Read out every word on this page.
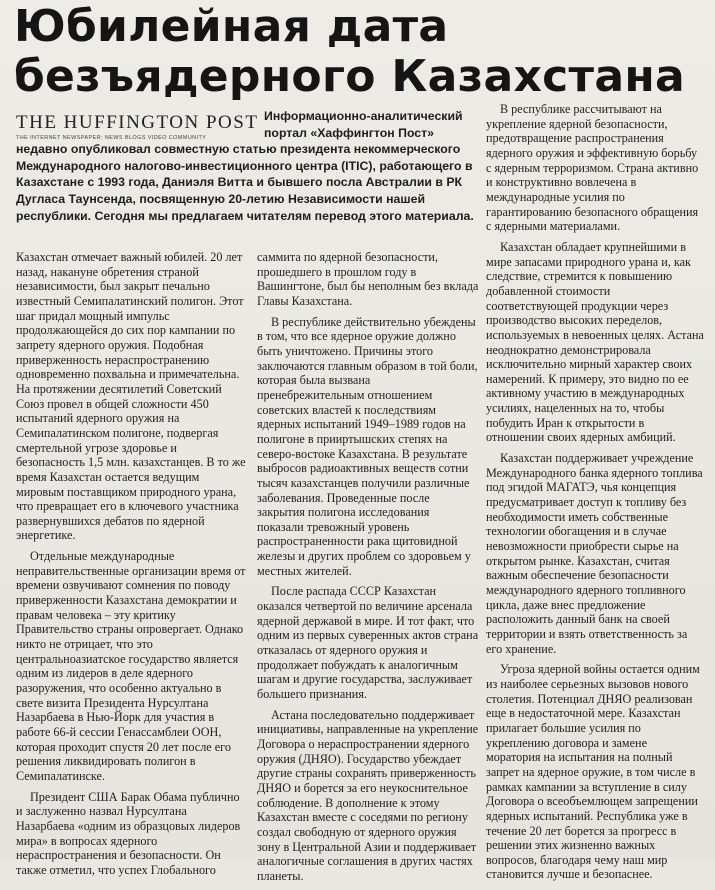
Юбилейная дата
безъядерного Казахстана
THE HUFFINGTON POST
THE INTERNET NEWSPAPER: NEWS BLOGS VIDEO COMMUNITY
Информационно-аналитический портал «Хаффингтон Пост» недавно опубликовал совместную статью президента некоммерческого Международного налогово-инвестиционного центра (ITIC), работающего в Казахстане с 1993 года, Даниэля Витта и бывшего посла Австралии в РК Дугласа Таунсенда, посвященную 20-летию Независимости нашей республики. Сегодня мы предлагаем читателям перевод этого материала.

Казахстан отмечает важный юбилей. 20 лет назад, накануне обретения страной независимости, был закрыт печально известный Семипалатинский полигон. Этот шаг придал мощный импульс продолжающейся до сих пор кампании по запрету ядерного оружия. Подобная приверженность нераспространению одновременно похвальна и примечательна. На протяжении десятилетий Советский Союз провел в общей сложности 450 испытаний ядерного оружия на Семипалатинском полигоне, подвергая смертельной угрозе здоровье и безопасность 1,5 млн. казахстанцев. В то же время Казахстан остается ведущим мировым поставщиком природного урана, что превращает его в ключевого участника развернувшихся дебатов по ядерной энергетике.

Отдельные международные неправительственные организации время от времени озвучивают сомнения по поводу приверженности Казахстана демократии и правам человека – эту критику Правительство страны опровергает. Однако никто не отрицает, что это центральноазиатское государство является одним из лидеров в деле ядерного разоружения, что особенно актуально в свете визита Президента Нурсултана Назарбаева в Нью-Йорк для участия в работе 66-й сессии Генассамблеи ООН, которая проходит спустя 20 лет после его решения ликвидировать полигон в Семипалатинске.

Президент США Барак Обама публично и заслуженно назвал Нурсултана Назарбаева «одним из образцовых лидеров мира» в вопросах ядерного нераспространения и безопасности. Он также отметил, что успех Глобального

саммита по ядерной безопасности, прошедшего в прошлом году в Вашингтоне, был бы неполным без вклада Главы Казахстана.

В республике действительно убеждены в том, что все ядерное оружие должно быть уничтожено. Причины этого заключаются главным образом в той боли, которая была вызвана пренебрежительным отношением советских властей к последствиям ядерных испытаний 1949–1989 годов на полигоне в прииртышских степях на северо-востоке Казахстана. В результате выбросов радиоактивных веществ сотни тысяч казахстанцев получили различные заболевания. Проведенные после закрытия полигона исследования показали тревожный уровень распространенности рака щитовидной железы и других проблем со здоровьем у местных жителей.

После распада СССР Казахстан оказался четвертой по величине арсенала ядерной державой в мире. И тот факт, что одним из первых суверенных актов страна отказалась от ядерного оружия и продолжает побуждать к аналогичным шагам и другие государства, заслуживает большего признания.

Астана последовательно поддерживает инициативы, направленные на укрепление Договора о нераспространении ядерного оружия (ДНЯО). Государство убеждает другие страны сохранять приверженность ДНЯО и борется за его неукоснительное соблюдение. В дополнение к этому Казахстан вместе с соседями по региону создал свободную от ядерного оружия зону в Центральной Азии и поддерживает аналогичные соглашения в других частях планеты.

В республике рассчитывают на укрепление ядерной безопасности, предотвращение распространения ядерного оружия и эффективную борьбу с ядерным терроризмом. Страна активно и конструктивно вовлечена в международные усилия по гарантированию безопасного обращения с ядерными материалами.

Казахстан обладает крупнейшими в мире запасами природного урана и, как следствие, стремится к повышению добавленной стоимости соответствующей продукции через производство высоких переделов, используемых в невоенных целях. Астана неоднократно демонстрировала исключительно мирный характер своих намерений. К примеру, это видно по ее активному участию в международных усилиях, нацеленных на то, чтобы побудить Иран к открытости в отношении своих ядерных амбиций.

Казахстан поддерживает учреждение Международного банка ядерного топлива под эгидой МАГАТЭ, чья концепция предусматривает доступ к топливу без необходимости иметь собственные технологии обогащения и в случае невозможности приобрести сырье на открытом рынке. Казахстан, считая важным обеспечение безопасности международного ядерного топливного цикла, даже внес предложение расположить данный банк на своей территории и взять ответственность за его хранение.

Угроза ядерной войны остается одним из наиболее серьезных вызовов нового столетия. Потенциал ДНЯО реализован еще в недостаточной мере. Казахстан прилагает большие усилия по укреплению договора и замене моратория на испытания на полный запрет на ядерное оружие, в том числе в рамках кампании за вступление в силу Договора о всеобъемлющем запрещении ядерных испытаний. Республика уже в течение 20 лет борется за прогресс в решении этих жизненно важных вопросов, благодаря чему наш мир становится лучше и безопаснее.
